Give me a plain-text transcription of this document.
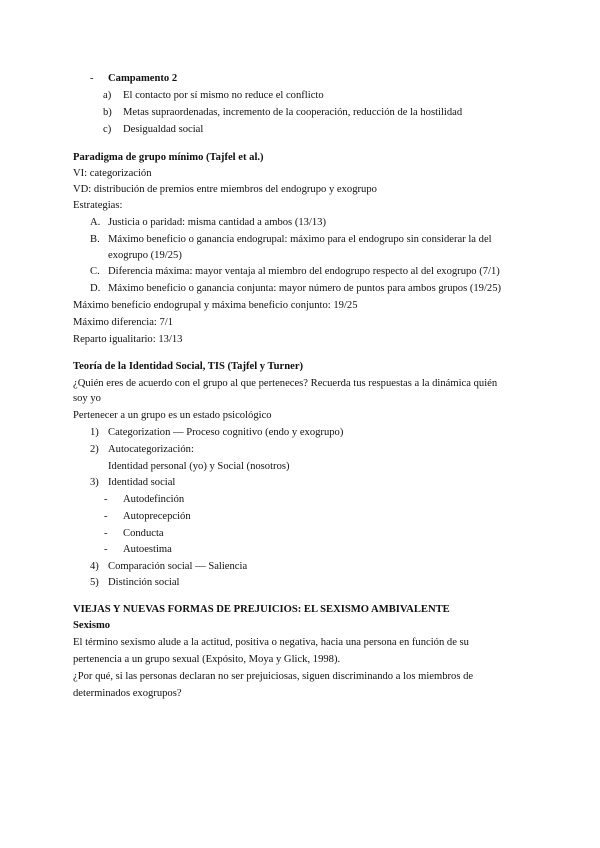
- Campamento 2
a) El contacto por sí mismo no reduce el conflicto
b) Metas supraordenadas, incremento de la cooperación, reducción de la hostilidad
c) Desigualdad social
Paradigma de grupo mínimo (Tajfel et al.)
VI: categorización
VD: distribución de premios entre miembros del endogrupo y exogrupo
Estrategias:
A. Justicia o paridad: misma cantidad a ambos (13/13)
B. Máximo beneficio o ganancia endogrupal: máximo para el endogrupo sin considerar la del
exogrupo (19/25)
C. Diferencia máxima: mayor ventaja al miembro del endogrupo respecto al del exogrupo (7/1)
D. Máximo beneficio o ganancia conjunta: mayor número de puntos para ambos grupos (19/25)
Máximo beneficio endogrupal y máxima beneficio conjunto: 19/25
Máximo diferencia: 7/1
Reparto igualitario: 13/13
Teoría de la Identidad Social, TIS (Tajfel y Turner)
¿Quién eres de acuerdo con el grupo al que perteneces? Recuerda tus respuestas a la dinámica quién
soy yo
Pertenecer a un grupo es un estado psicológico
1) Categorization — Proceso cognitivo (endo y exogrupo)
2) Autocategorización:
Identidad personal (yo) y Social (nosotros)
3) Identidad social
- Autodefinción
- Autoprecepción
- Conducta
- Autoestima
4) Comparación social — Saliencia
5) Distinción social
VIEJAS Y NUEVAS FORMAS DE PREJUICIOS: EL SEXISMO AMBIVALENTE
Sexismo
El término sexismo alude a la actitud, positiva o negativa, hacia una persona en función de su
pertenencia a un grupo sexual (Expósito, Moya y Glick, 1998).
¿Por qué, si las personas declaran no ser prejuiciosas, siguen discriminando a los miembros de
determinados exogrupos?
